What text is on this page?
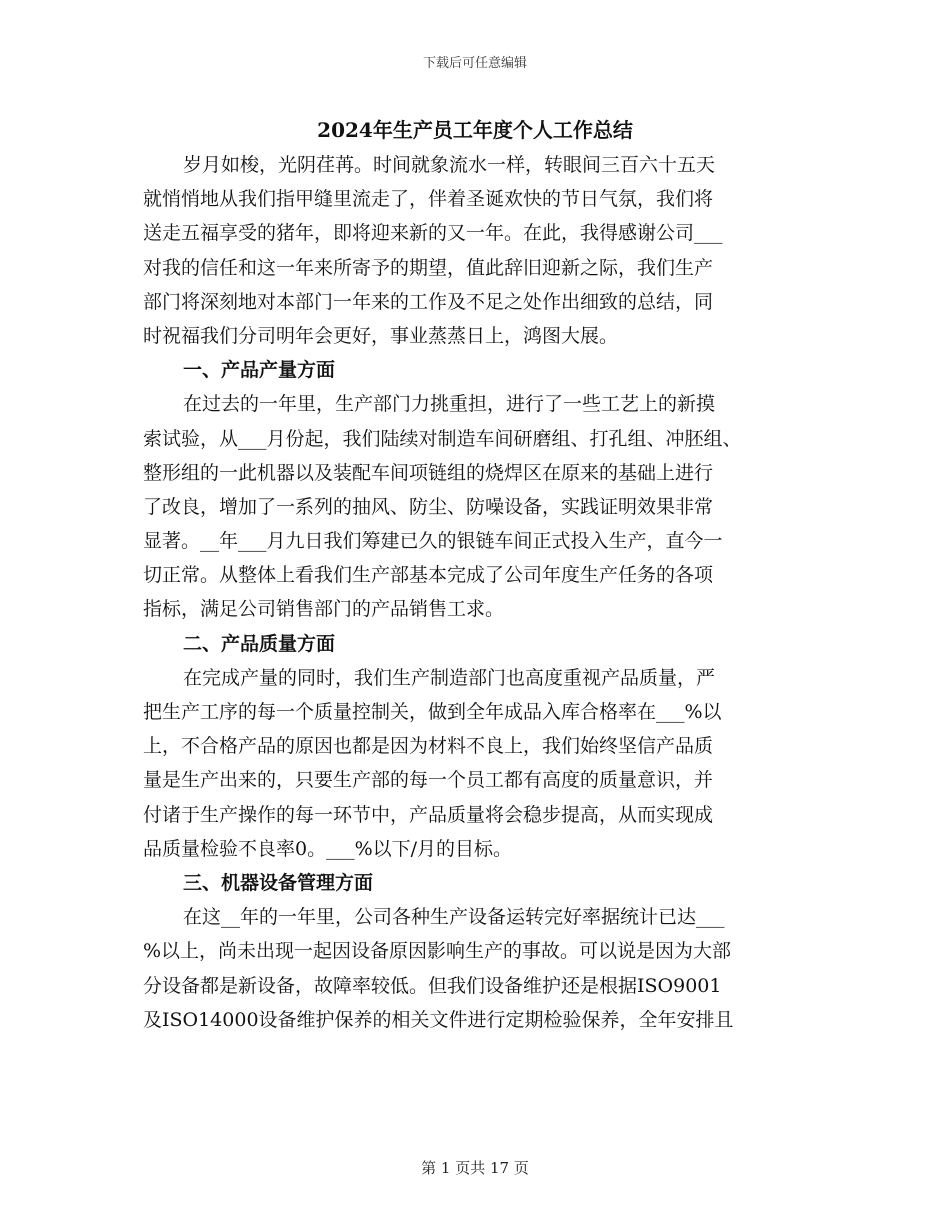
下载后可任意编辑
2024年生产员工年度个人工作总结
岁月如梭，光阴荏苒。时间就象流水一样，转眼间三百六十五天
就悄悄地从我们指甲缝里流走了，伴着圣诞欢快的节日气氛，我们将
送走五福享受的猪年，即将迎来新的又一年。在此，我得感谢公司___
对我的信任和这一年来所寄予的期望，值此辞旧迎新之际，我们生产
部门将深刻地对本部门一年来的工作及不足之处作出细致的总结，同
时祝福我们分司明年会更好，事业蒸蒸日上，鸿图大展。
一、产品产量方面
在过去的一年里，生产部门力挑重担，进行了一些工艺上的新摸
索试验，从___月份起，我们陆续对制造车间研磨组、打孔组、冲胚组、
整形组的一此机器以及装配车间项链组的烧焊区在原来的基础上进行
了改良，增加了一系列的抽风、防尘、防噪设备，实践证明效果非常
显著。__年___月九日我们筹建已久的银链车间正式投入生产，直今一
切正常。从整体上看我们生产部基本完成了公司年度生产任务的各项
指标，满足公司销售部门的产品销售工求。
二、产品质量方面
在完成产量的同时，我们生产制造部门也高度重视产品质量，严
把生产工序的每一个质量控制关，做到全年成品入库合格率在___%以
上，不合格产品的原因也都是因为材料不良上，我们始终坚信产品质
量是生产出来的，只要生产部的每一个员工都有高度的质量意识，并
付诸于生产操作的每一环节中，产品质量将会稳步提高，从而实现成
品质量检验不良率0。___%以下/月的目标。
三、机器设备管理方面
在这__年的一年里，公司各种生产设备运转完好率据统计已达___
%以上，尚未出现一起因设备原因影响生产的事故。可以说是因为大部
分设备都是新设备，故障率较低。但我们设备维护还是根据ISO9001
及ISO14000设备维护保养的相关文件进行定期检验保养，全年安排且
第 1 页共 17 页
